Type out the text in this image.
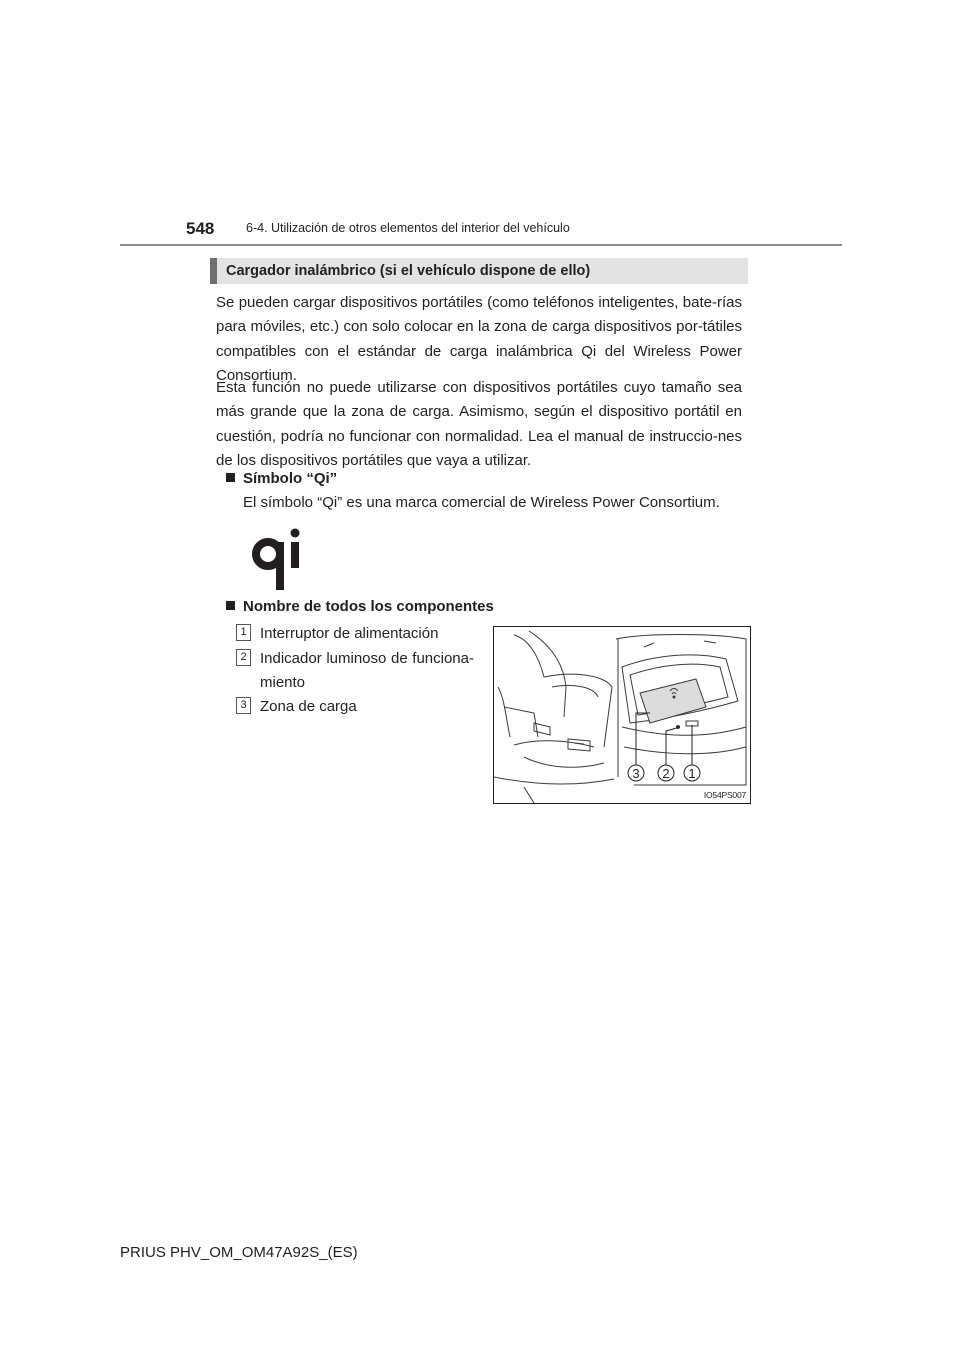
548	6-4. Utilización de otros elementos del interior del vehículo
Cargador inalámbrico (si el vehículo dispone de ello)
Se pueden cargar dispositivos portátiles (como teléfonos inteligentes, bate-rías para móviles, etc.) con solo colocar en la zona de carga dispositivos por-tátiles compatibles con el estándar de carga inalámbrica Qi del Wireless Power Consortium.
Esta función no puede utilizarse con dispositivos portátiles cuyo tamaño sea más grande que la zona de carga. Asimismo, según el dispositivo portátil en cuestión, podría no funcionar con normalidad. Lea el manual de instruccio-nes de los dispositivos portátiles que vaya a utilizar.
Símbolo “Qi”
El símbolo “Qi” es una marca comercial de Wireless Power Consortium.
Nombre de todos los componentes
1 Interruptor de alimentación
2 Indicador luminoso de funciona-miento
3 Zona de carga
3 2 1
IO54PS007
PRIUS PHV_OM_OM47A92S_(ES)
